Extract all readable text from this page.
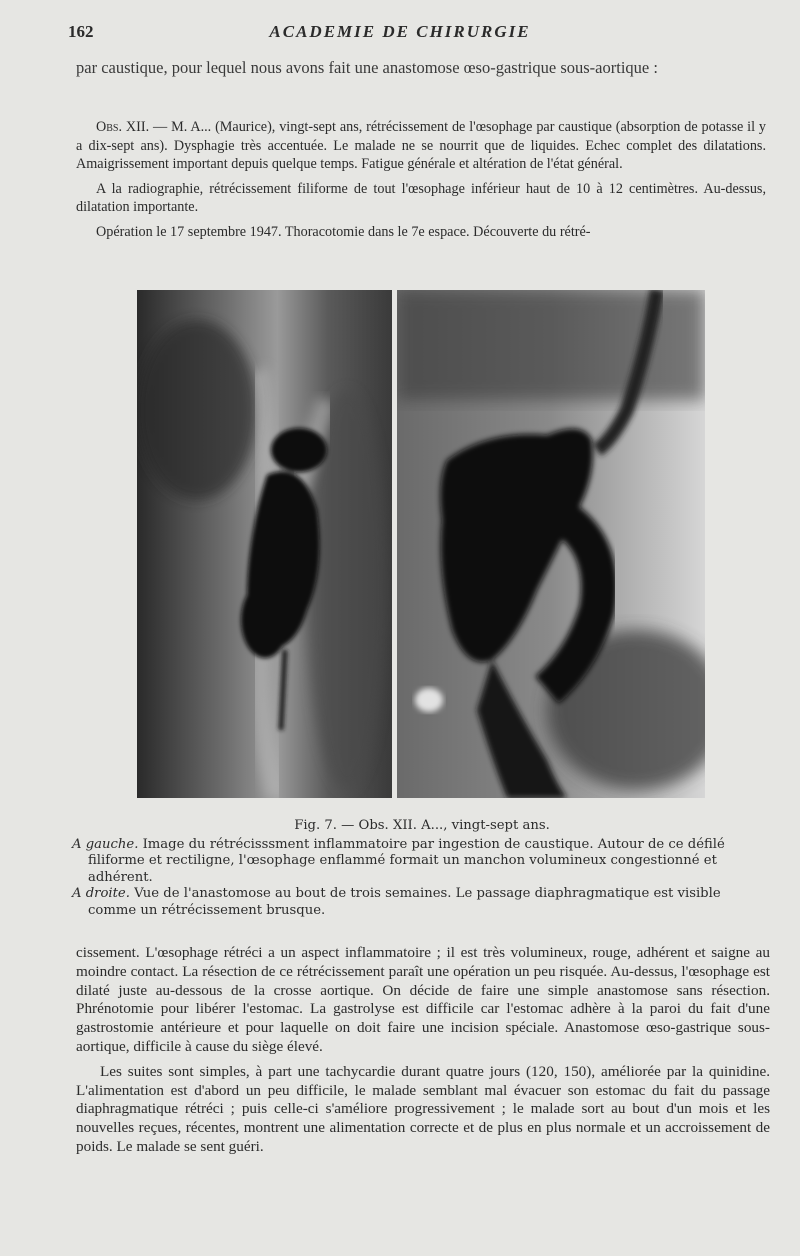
162	ACADEMIE DE CHIRURGIE

par caustique, pour lequel nous avons fait une anastomose œso-gastrique sous-aortique :

Obs. XII. — M. A... (Maurice), vingt-sept ans, rétrécissement de l'œsophage par caustique (absorption de potasse il y a dix-sept ans). Dysphagie très accentuée. Le malade ne se nourrit que de liquides. Echec complet des dilatations. Amaigrissement important depuis quelque temps. Fatigue générale et altération de l'état général.

A la radiographie, rétrécissement filiforme de tout l'œsophage inférieur haut de 10 à 12 centimètres. Au-dessus, dilatation importante.

Opération le 17 septembre 1947. Thoracotomie dans le 7e espace. Découverte du rétré-

Fig. 7. — Obs. XII. A..., vingt-sept ans.

A gauche. Image du rétrécisssment inflammatoire par ingestion de caustique. Autour de ce défilé filiforme et rectiligne, l'œsophage enflammé formait un manchon volumineux congestionné et adhérent.

A droite. Vue de l'anastomose au bout de trois semaines. Le passage diaphragmatique est visible comme un rétrécissement brusque.

cissement. L'œsophage rétréci a un aspect inflammatoire ; il est très volumineux, rouge, adhérent et saigne au moindre contact. La résection de ce rétrécissement paraît une opération un peu risquée. Au-dessus, l'œsophage est dilaté juste au-dessous de la crosse aortique. On décide de faire une simple anastomose sans résection. Phrénotomie pour libérer l'estomac. La gastrolyse est difficile car l'estomac adhère à la paroi du fait d'une gastrostomie antérieure et pour laquelle on doit faire une incision spéciale. Anastomose œso-gastrique sous-aortique, difficile à cause du siège élevé.

Les suites sont simples, à part une tachycardie durant quatre jours (120, 150), améliorée par la quinidine. L'alimentation est d'abord un peu difficile, le malade semblant mal évacuer son estomac du fait du passage diaphragmatique rétréci ; puis celle-ci s'améliore progressivement ; le malade sort au bout d'un mois et les nouvelles reçues, récentes, montrent une alimentation correcte et de plus en plus normale et un accroissement de poids. Le malade se sent guéri.
